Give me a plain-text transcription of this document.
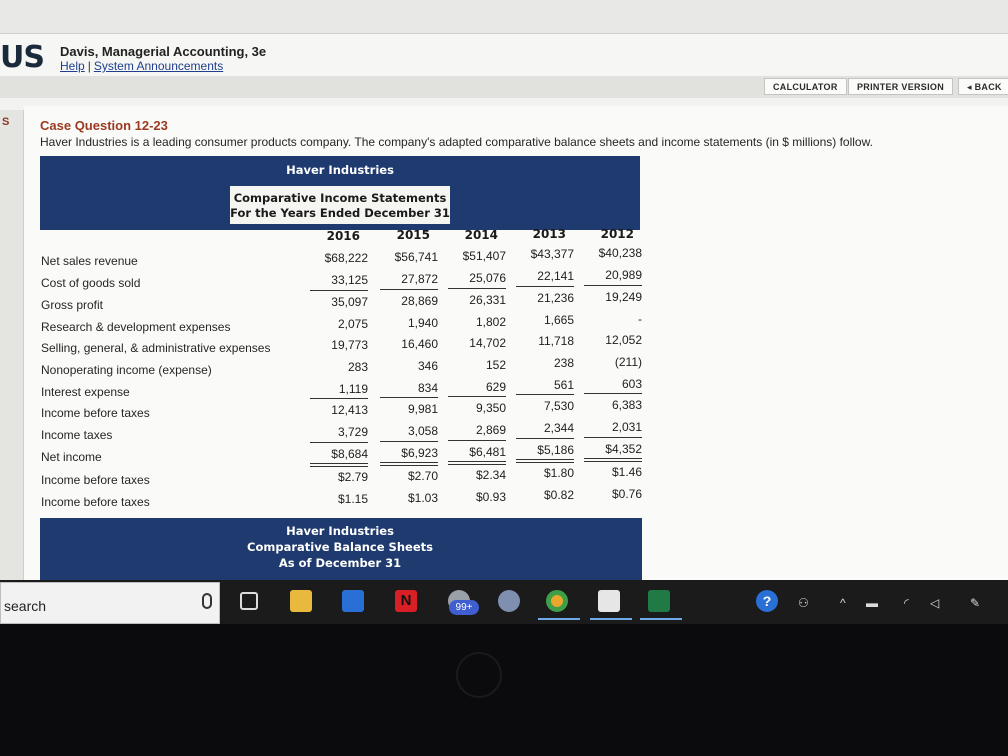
US Davis, Managerial Accounting, 3e
Help | System Announcements
CALCULATOR	PRINTER VERSION	◂ BACK
S Case Question 12-23
Haver Industries is a leading consumer products company. The company's adapted comparative balance sheets and income statements (in $ millions) follow.
Haver Industries
Comparative Income Statements
For the Years Ended December 31
2016	2015	2014	2013	2012
Net sales revenue	$68,222	$56,741	$51,407	$43,377	$40,238
Cost of goods sold	33,125	27,872	25,076	22,141	20,989
Gross profit	35,097	28,869	26,331	21,236	19,249
Research & development expenses	2,075	1,940	1,802	1,665	-
Selling, general, & administrative expenses	19,773	16,460	14,702	11,718	12,052
Nonoperating income (expense)	283	346	152	238	(211)
Interest expense	1,119	834	629	561	603
Income before taxes	12,413	9,981	9,350	7,530	6,383
Income taxes	3,729	3,058	2,869	2,344	2,031
Net income	$8,684	$6,923	$6,481	$5,186	$4,352
Income before taxes	$2.79	$2.70	$2.34	$1.80	$1.46
Income before taxes	$1.15	$1.03	$0.93	$0.82	$0.76
Haver Industries
Comparative Balance Sheets
As of December 31
search	N	99+	?	⚇	^ ▬ ◜ ◁	✎
